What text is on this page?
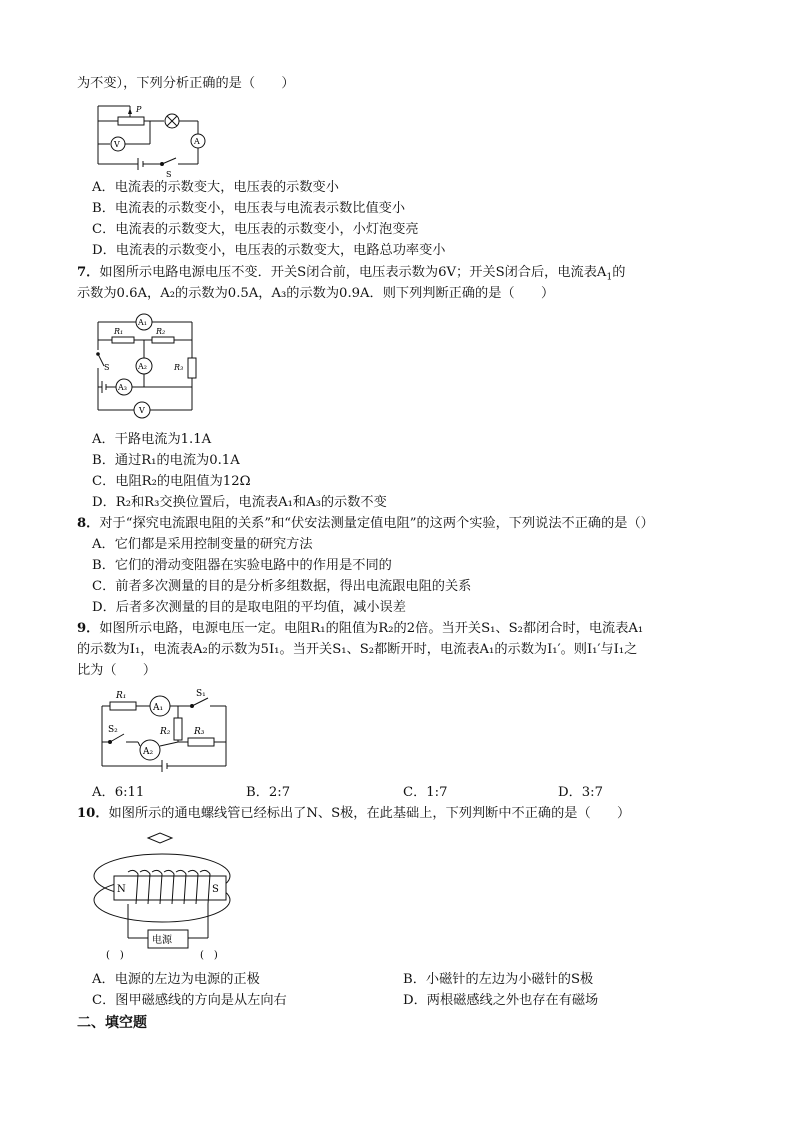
为不变），下列分析正确的是（　　）
P
A
V
S
A．电流表的示数变大，电压表的示数变小
B．电流表的示数变小，电压表与电流表示数比值变小
C．电流表的示数变大，电压表的示数变小，小灯泡变亮
D．电流表的示数变小，电压表的示数变大，电路总功率变小
7．如图所示电路电源电压不变．开关S闭合前，电压表示数为6V；开关S闭合后，电流表$A_1$的
示数为0.6A，A₂的示数为0.5A，A₃的示数为0.9A．则下列判断正确的是（　　）
A₁
R₁	R₂
R₃
A₂
A₃
V
S
A．干路电流为1.1A
B．通过R₁的电流为0.1A
C．电阻R₂的电阻值为12Ω
D．R₂和R₃交换位置后，电流表A₁和A₃的示数不变
8．对于“探究电流跟电阻的关系”和“伏安法测量定值电阻”的这两个实验，下列说法不正确的是（）
A．它们都是采用控制变量的研究方法
B．它们的滑动变阻器在实验电路中的作用是不同的
C．前者多次测量的目的是分析多组数据，得出电流跟电阻的关系
D．后者多次测量的目的是取电阻的平均值，减小误差
9．如图所示电路，电源电压一定。电阻R₁的阻值为R₂的2倍。当开关S₁、S₂都闭合时，电流表A₁
的示数为I₁，电流表A₂的示数为5I₁。当开关S₁、S₂都断开时，电流表A₁的示数为I₁′。则I₁′与I₁之
比为（　　）
R₁
A₁
S₁
R₂	R₃
S₂
A₂
A．6:11	B．2:7	C．1:7	D．3:7
10．如图所示的通电螺线管已经标出了N、S极，在此基础上，下列判断中不正确的是（　　）
N	S
电源
(　)	(　)
A．电源的左边为电源的正极	B．小磁针的左边为小磁针的S极
C．图甲磁感线的方向是从左向右	D．两根磁感线之外也存在有磁场
二、填空题
